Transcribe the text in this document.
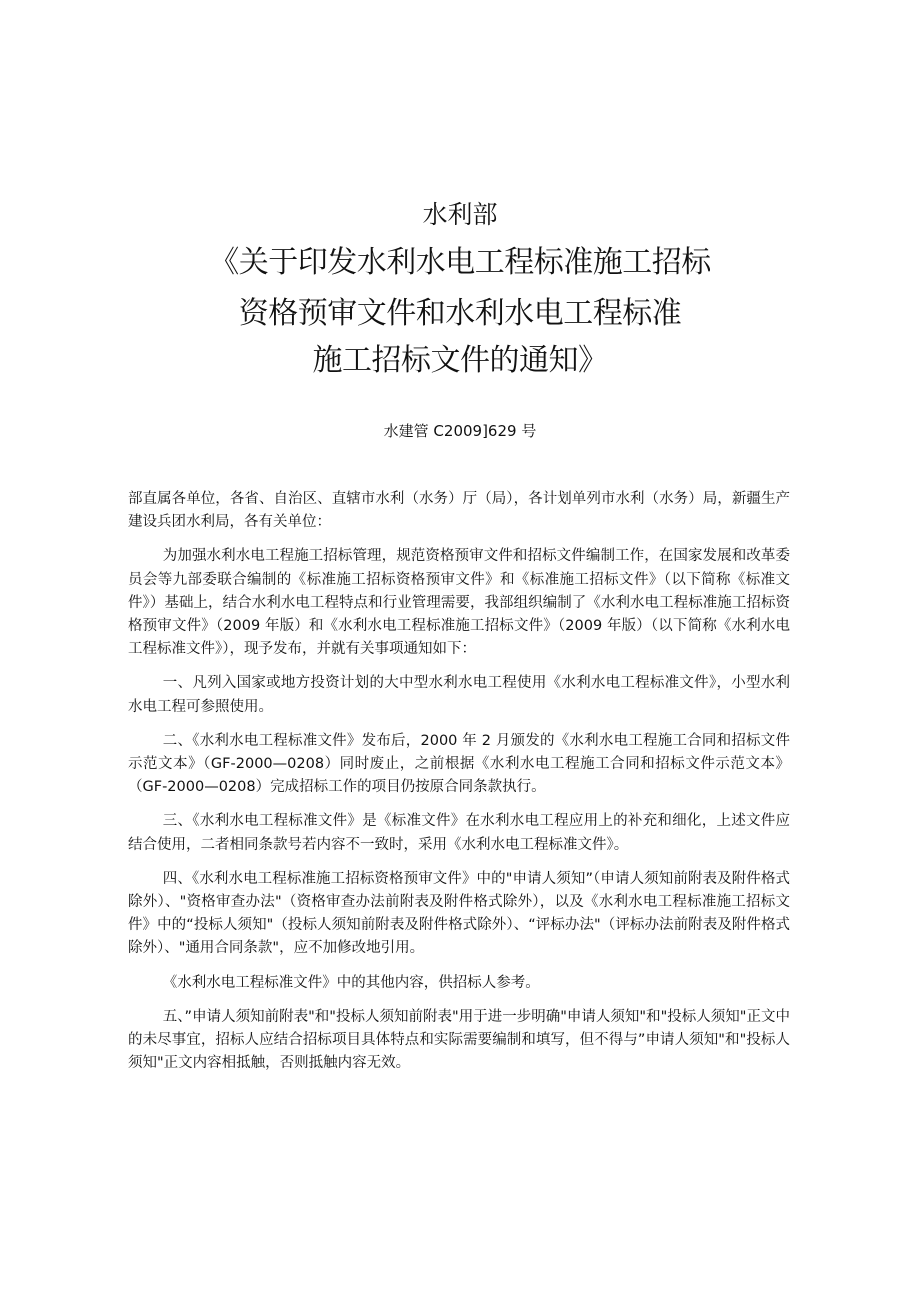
水利部
《关于印发水利水电工程标准施工招标
资格预审文件和水利水电工程标准
施工招标文件的通知》
水建管 C2009]629 号

部直属各单位，各省、自治区、直辖市水利（水务）厅（局），各计划单列市水利（水务）局，新疆生产建设兵团水利局，各有关单位：

为加强水利水电工程施工招标管理，规范资格预审文件和招标文件编制工作，在国家发展和改革委员会等九部委联合编制的《标准施工招标资格预审文件》和《标准施工招标文件》（以下简称《标准文件》）基础上，结合水利水电工程特点和行业管理需要，我部组织编制了《水利水电工程标准施工招标资格预审文件》（2009 年版）和《水利水电工程标准施工招标文件》（2009 年版）（以下简称《水利水电工程标准文件》），现予发布，并就有关事项通知如下：

一、凡列入国家或地方投资计划的大中型水利水电工程使用《水利水电工程标准文件》，小型水利水电工程可参照使用。

二、《水利水电工程标准文件》发布后，2000 年 2 月颁发的《水利水电工程施工合同和招标文件示范文本》（GF-2000—0208）同时废止，之前根据《水利水电工程施工合同和招标文件示范文本》（GF-2000—0208）完成招标工作的项目仍按原合同条款执行。

三、《水利水电工程标准文件》是《标准文件》在水利水电工程应用上的补充和细化，上述文件应结合使用，二者相同条款号若内容不一致时，采用《水利水电工程标准文件》。

四、《水利水电工程标准施工招标资格预审文件》中的"申请人须知”（申请人须知前附表及附件格式除外）、"资格审查办法"（资格审查办法前附表及附件格式除外），以及《水利水电工程标准施工招标文件》中的“投标人须知"（投标人须知前附表及附件格式除外）、“评标办法"（评标办法前附表及附件格式除外）、"通用合同条款"，应不加修改地引用。

《水利水电工程标准文件》中的其他内容，供招标人参考。

五、”申请人须知前附表"和"投标人须知前附表"用于进一步明确"申请人须知"和"投标人须知"正文中的未尽事宜，招标人应结合招标项目具体特点和实际需要编制和填写，但不得与”申请人须知"和"投标人须知"正文内容相抵触，否则抵触内容无效。
